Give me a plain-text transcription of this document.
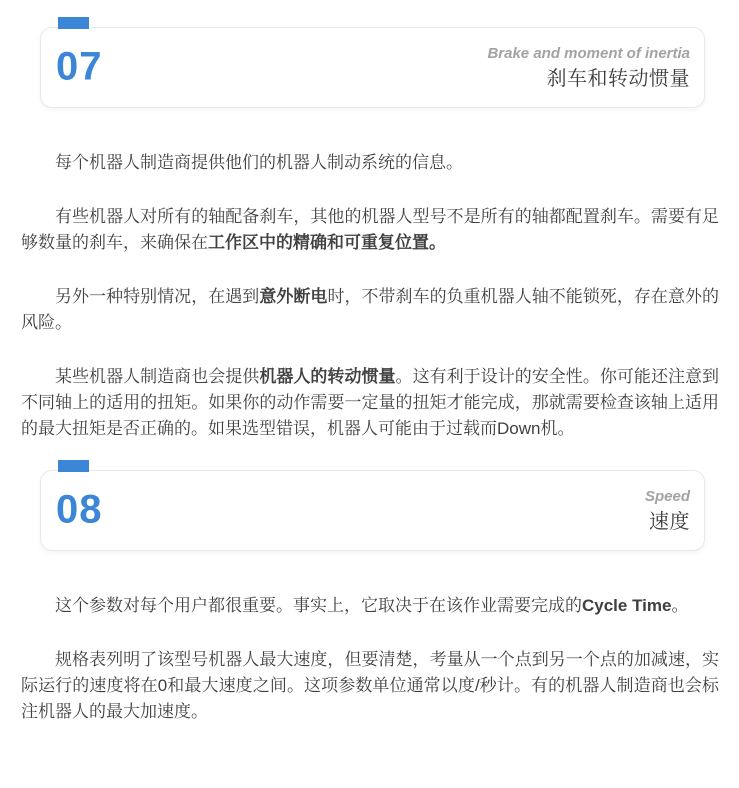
07	Brake and moment of inertia
刹车和转动惯量

每个机器人制造商提供他们的机器人制动系统的信息。

有些机器人对所有的轴配备刹车，其他的机器人型号不是所有的轴都配置刹车。需要有足够数量的刹车，来确保在工作区中的精确和可重复位置。

另外一种特别情况，在遇到意外断电时，不带刹车的负重机器人轴不能锁死，存在意外的风险。

某些机器人制造商也会提供机器人的转动惯量。这有利于设计的安全性。你可能还注意到不同轴上的适用的扭矩。如果你的动作需要一定量的扭矩才能完成，那就需要检查该轴上适用的最大扭矩是否正确的。如果选型错误，机器人可能由于过载而Down机。

08	Speed
速度

这个参数对每个用户都很重要。事实上，它取决于在该作业需要完成的Cycle Time。

规格表列明了该型号机器人最大速度，但要清楚，考量从一个点到另一个点的加减速，实际运行的速度将在0和最大速度之间。这项参数单位通常以度/秒计。有的机器人制造商也会标注机器人的最大加速度。
